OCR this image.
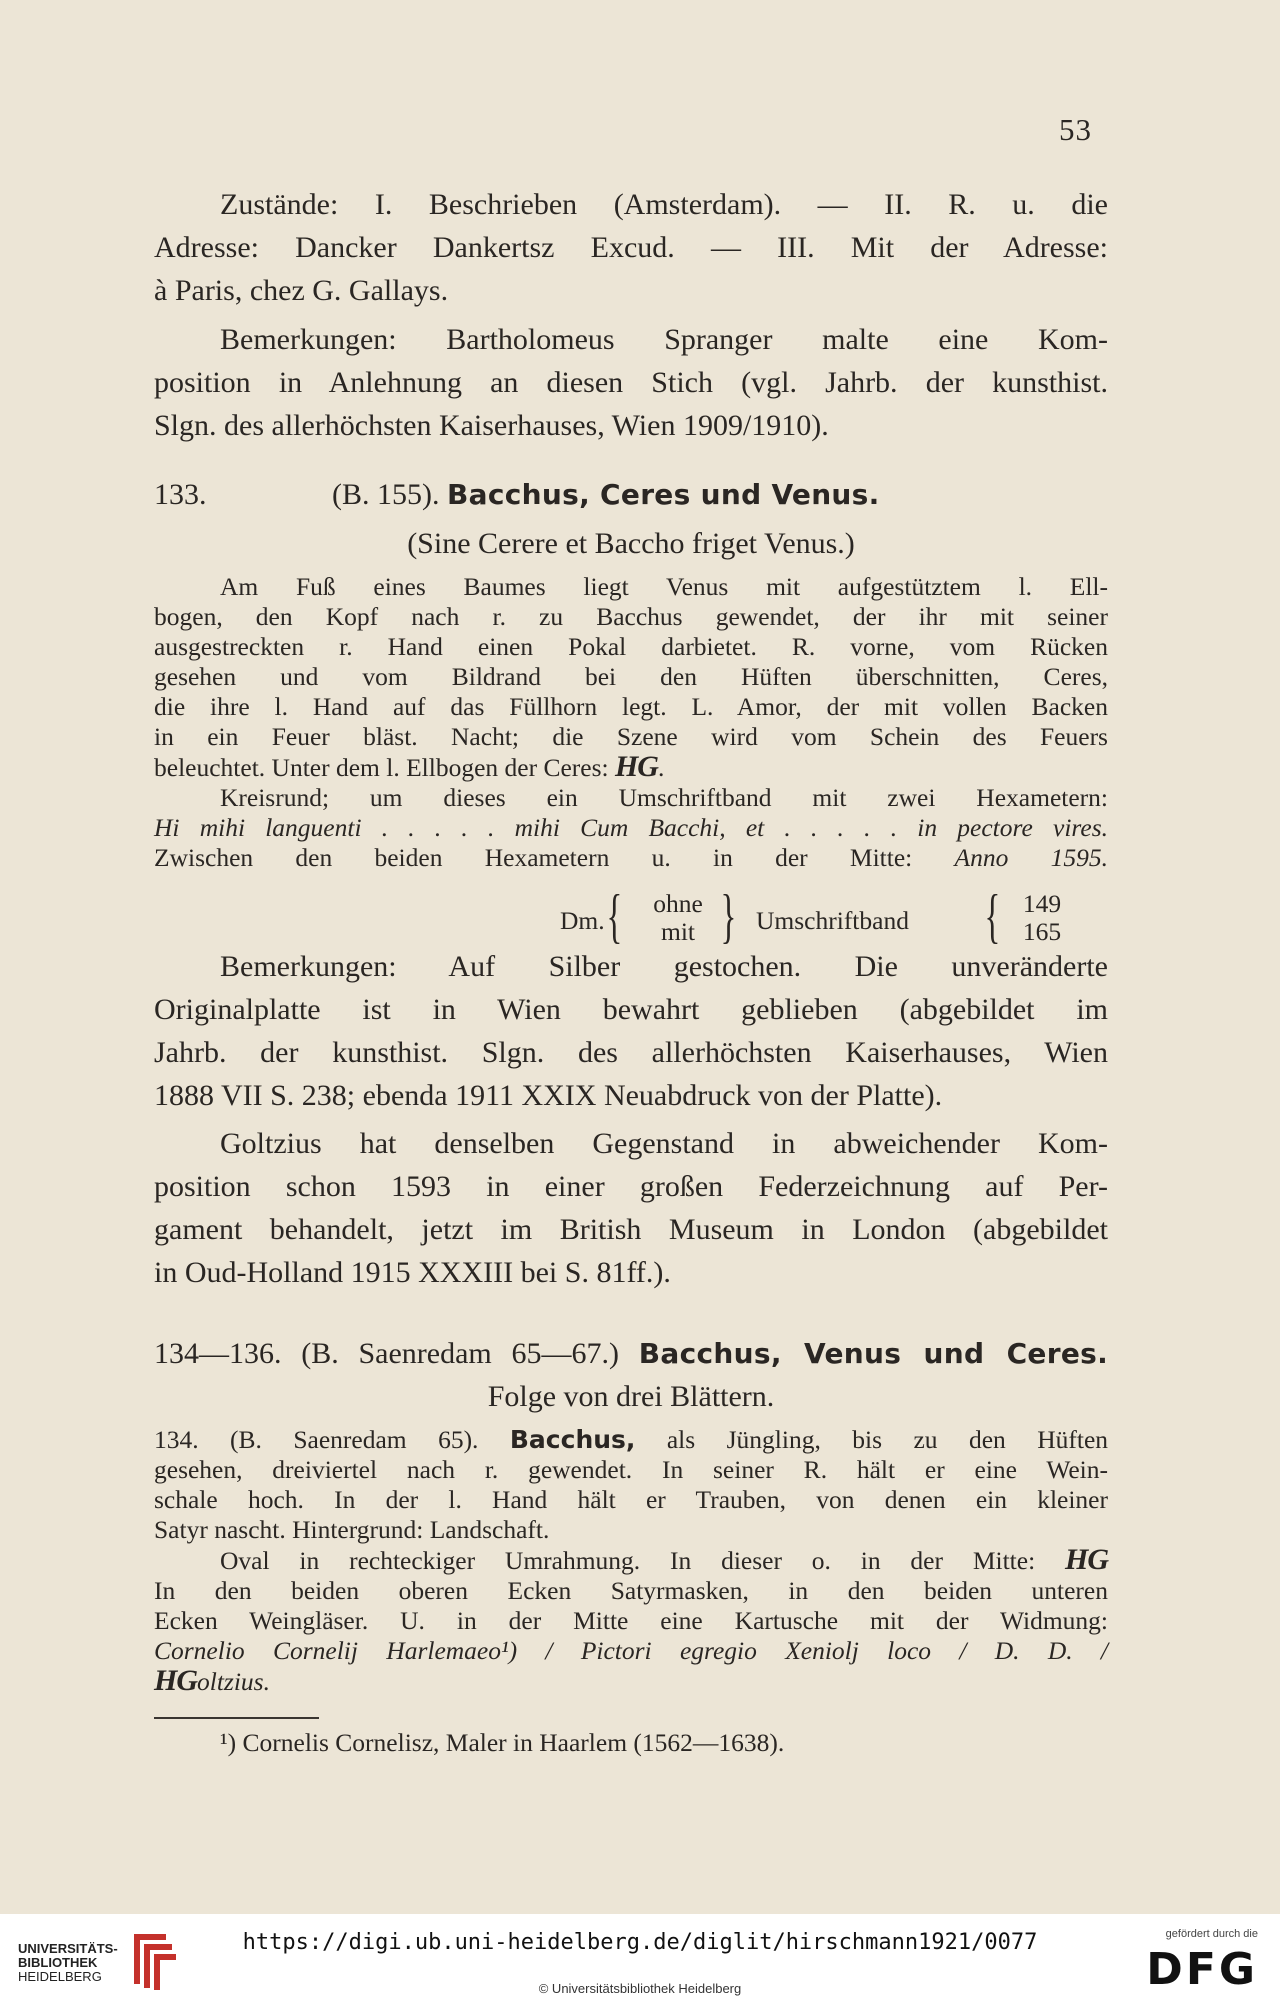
53
Zustände: I. Beschrieben (Amsterdam). — II. R. u. die
Adresse: Dancker Dankertsz Excud. — III. Mit der Adresse:
à Paris, chez G. Gallays.
Bemerkungen: Bartholomeus Spranger malte eine Kom-
position in Anlehnung an diesen Stich (vgl. Jahrb. der kunsthist.
Slgn. des allerhöchsten Kaiserhauses, Wien 1909/1910).
133.	(B. 155). Bacchus, Ceres und Venus.
(Sine Cerere et Baccho friget Venus.)
Am Fuß eines Baumes liegt Venus mit aufgestütztem l. Ell-
bogen, den Kopf nach r. zu Bacchus gewendet, der ihr mit seiner
ausgestreckten r. Hand einen Pokal darbietet. R. vorne, vom Rücken
gesehen und vom Bildrand bei den Hüften überschnitten, Ceres,
die ihre l. Hand auf das Füllhorn legt. L. Amor, der mit vollen Backen
in ein Feuer bläst. Nacht; die Szene wird vom Schein des Feuers
beleuchtet. Unter dem l. Ellbogen der Ceres: HG.
Kreisrund; um dieses ein Umschriftband mit zwei Hexametern:
Hi mihi languenti . . . . . mihi Cum Bacchi, et . . . . . in pectore vires.
Zwischen den beiden Hexametern u. in der Mitte: Anno 1595.
Dm. {	ohne
mit } Umschriftband { 149
165
Bemerkungen: Auf Silber gestochen. Die unveränderte
Originalplatte ist in Wien bewahrt geblieben (abgebildet im
Jahrb. der kunsthist. Slgn. des allerhöchsten Kaiserhauses, Wien
1888 VII S. 238; ebenda 1911 XXIX Neuabdruck von der Platte).
Goltzius hat denselben Gegenstand in abweichender Kom-
position schon 1593 in einer großen Federzeichnung auf Per-
gament behandelt, jetzt im British Museum in London (abgebildet
in Oud-Holland 1915 XXXIII bei S. 81ff.).
134—136. (B. Saenredam 65—67.) Bacchus, Venus und Ceres.
Folge von drei Blättern.
134. (B. Saenredam 65). Bacchus, als Jüngling, bis zu den Hüften
gesehen, dreiviertel nach r. gewendet. In seiner R. hält er eine Wein-
schale hoch. In der l. Hand hält er Trauben, von denen ein kleiner
Satyr nascht. Hintergrund: Landschaft.
Oval in rechteckiger Umrahmung. In dieser o. in der Mitte: HG
In den beiden oberen Ecken Satyrmasken, in den beiden unteren
Ecken Weingläser. U. in der Mitte eine Kartusche mit der Widmung:
Cornelio Cornelij Harlemaeo¹) / Pictori egregio Xeniolj loco / D. D. /
HGoltzius.
¹) Cornelis Cornelisz, Maler in Haarlem (1562—1638).
UNIVERSITÄTS-
BIBLIOTHEK
HEIDELBERG
https://digi.ub.uni-heidelberg.de/diglit/hirschmann1921/0077
© Universitätsbibliothek Heidelberg
gefördert durch die
DFG
